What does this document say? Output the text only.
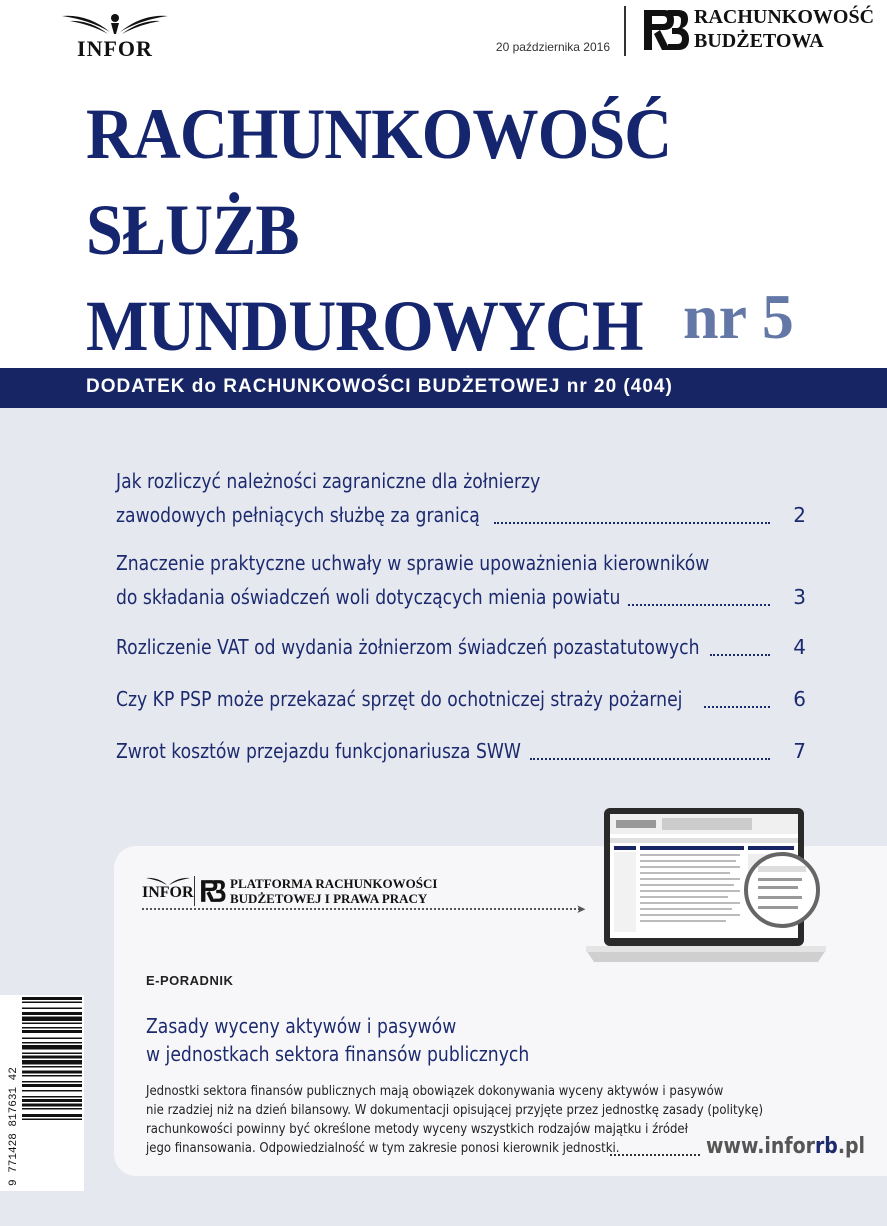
INFOR	20 października 2016
RACHUNKOWOŚĆ
BUDŻETOWA
RACHUNKOWOŚĆ
SŁUŻB
MUNDUROWYCH nr 5
DODATEK do RACHUNKOWOŚCI BUDŻETOWEJ nr 20 (404)
Jak rozliczyć należności zagraniczne dla żołnierzy
zawodowych pełniących służbę za granicą	2
Znaczenie praktyczne uchwały w sprawie upoważnienia kierowników
do składania oświadczeń woli dotyczących mienia powiatu	3
Rozliczenie VAT od wydania żołnierzom świadczeń pozastatutowych	4
Czy KP PSP może przekazać sprzęt do ochotniczej straży pożarnej	6
Zwrot kosztów przejazdu funkcjonariusza SWW	7
INFOR
PLATFORMA RACHUNKOWOŚCI
BUDŻETOWEJ I PRAWA PRACY
➤
E-PORADNIK
Zasady wyceny aktywów i pasywów
w jednostkach sektora finansów publicznych
Jednostki sektora finansów publicznych mają obowiązek dokonywania wyceny aktywów i pasywów
nie rzadziej niż na dzień bilansowy. W dokumentacji opisującej przyjęte przez jednostkę zasady (politykę)
rachunkowości powinny być określone metody wyceny wszystkich rodzajów majątku i źródeł
jego finansowania. Odpowiedzialność w tym zakresie ponosi kierownik jednostki.	www.inforrb.pl
9 771428 817631 42
